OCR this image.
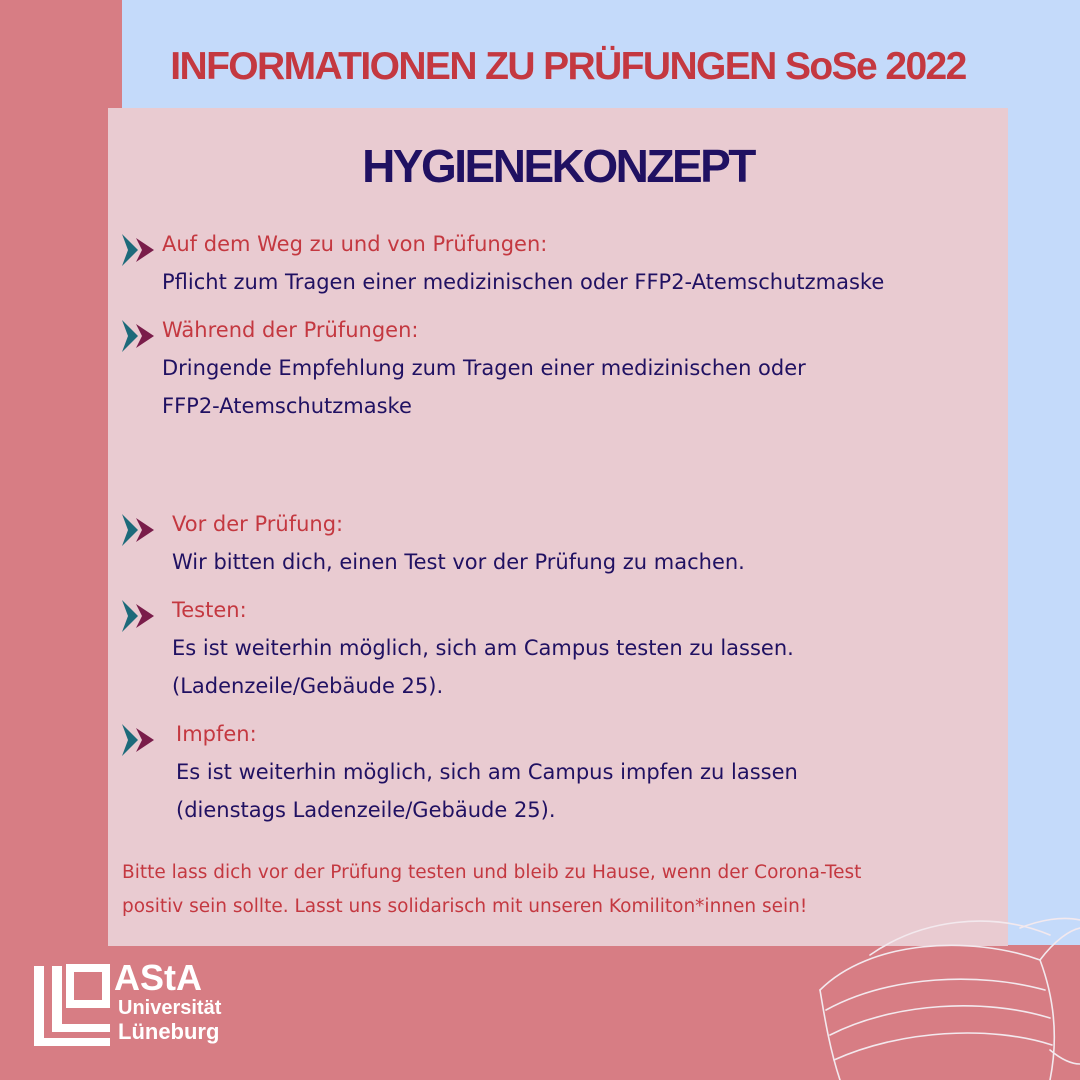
INFORMATIONEN ZU PRÜFUNGEN SoSe 2022
HYGIENEKONZEPT
Auf dem Weg zu und von Prüfungen:
Pflicht zum Tragen einer medizinischen oder FFP2-Atemschutzmaske
Während der Prüfungen:
Dringende Empfehlung zum Tragen einer medizinischen oder
FFP2-Atemschutzmaske
Vor der Prüfung:
Wir bitten dich, einen Test vor der Prüfung zu machen.
Testen:
Es ist weiterhin möglich, sich am Campus testen zu lassen.
(Ladenzeile/Gebäude 25).
Impfen:
Es ist weiterhin möglich, sich am Campus impfen zu lassen
(dienstags Ladenzeile/Gebäude 25).
Bitte lass dich vor der Prüfung testen und bleib zu Hause, wenn der Corona-Test
positiv sein sollte. Lasst uns solidarisch mit unseren Komiliton*innen sein!
AStA
Universität
Lüneburg
